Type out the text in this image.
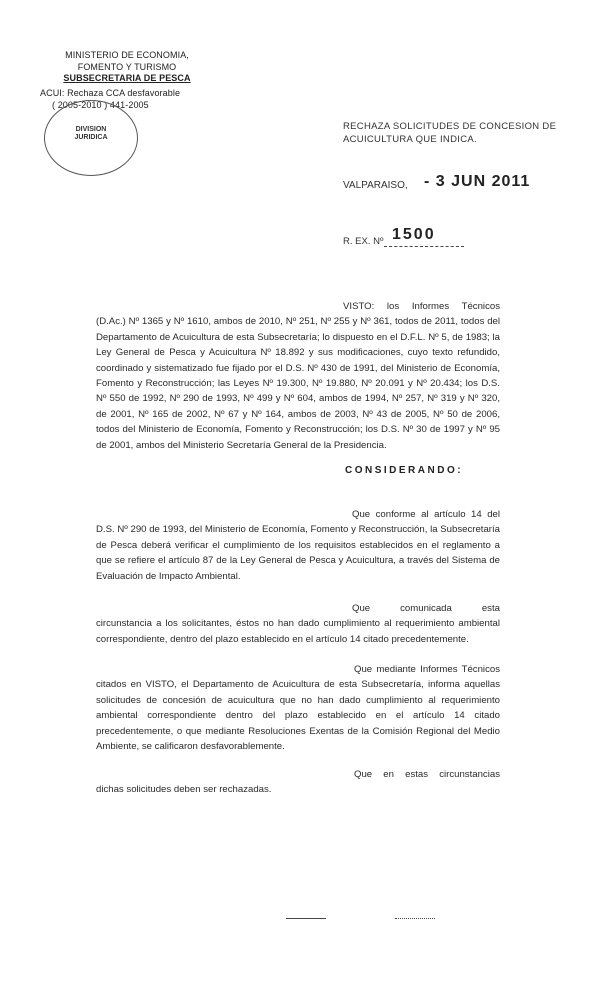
MINISTERIO DE ECONOMIA,
FOMENTO Y TURISMO
SUBSECRETARIA DE PESCA
ACUI: Rechaza CCA desfavorable
( 2005-2010 ) 441-2005
DIVISION
JURIDICA
RECHAZA SOLICITUDES DE CONCESION DE
ACUICULTURA QUE INDICA.
VALPARAISO, - 3 JUN 2011
R. EX. Nº 1500

VISTO: los Informes Técnicos (D.Ac.) Nº 1365 y Nº 1610, ambos de 2010, Nº 251, Nº 255 y Nº 361, todos de 2011, todos del Departamento de Acuicultura de esta Subsecretaría; lo dispuesto en el D.F.L. Nº 5, de 1983; la Ley General de Pesca y Acuicultura Nº 18.892 y sus modificaciones, cuyo texto refundido, coordinado y sistematizado fue fijado por el D.S. Nº 430 de 1991, del Ministerio de Economía, Fomento y Reconstrucción; las Leyes Nº 19.300, Nº 19.880, Nº 20.091 y Nº 20.434; los D.S. Nº 550 de 1992, Nº 290 de 1993, Nº 499 y Nº 604, ambos de 1994, Nº 257, Nº 319 y Nº 320, de 2001, Nº 165 de 2002, Nº 67 y Nº 164, ambos de 2003, Nº 43 de 2005, Nº 50 de 2006, todos del Ministerio de Economía, Fomento y Reconstrucción; los D.S. Nº 30 de 1997 y Nº 95 de 2001, ambos del Ministerio Secretaría General de la Presidencia.

CONSIDERANDO:

Que conforme al artículo 14 del D.S. Nº 290 de 1993, del Ministerio de Economía, Fomento y Reconstrucción, la Subsecretaría de Pesca deberá verificar el cumplimiento de los requisitos establecidos en el reglamento a que se refiere el artículo 87 de la Ley General de Pesca y Acuicultura, a través del Sistema de Evaluación de Impacto Ambiental.

Que comunicada esta circunstancia a los solicitantes, éstos no han dado cumplimiento al requerimiento ambiental correspondiente, dentro del plazo establecido en el artículo 14 citado precedentemente.

Que mediante Informes Técnicos citados en VISTO, el Departamento de Acuicultura de esta Subsecretaría, informa aquellas solicitudes de concesión de acuicultura que no han dado cumplimiento al requerimiento ambiental correspondiente dentro del plazo establecido en el artículo 14 citado precedentemente, o que mediante Resoluciones Exentas de la Comisión Regional del Medio Ambiente, se calificaron desfavorablemente.

Que en estas circunstancias dichas solicitudes deben ser rechazadas.
